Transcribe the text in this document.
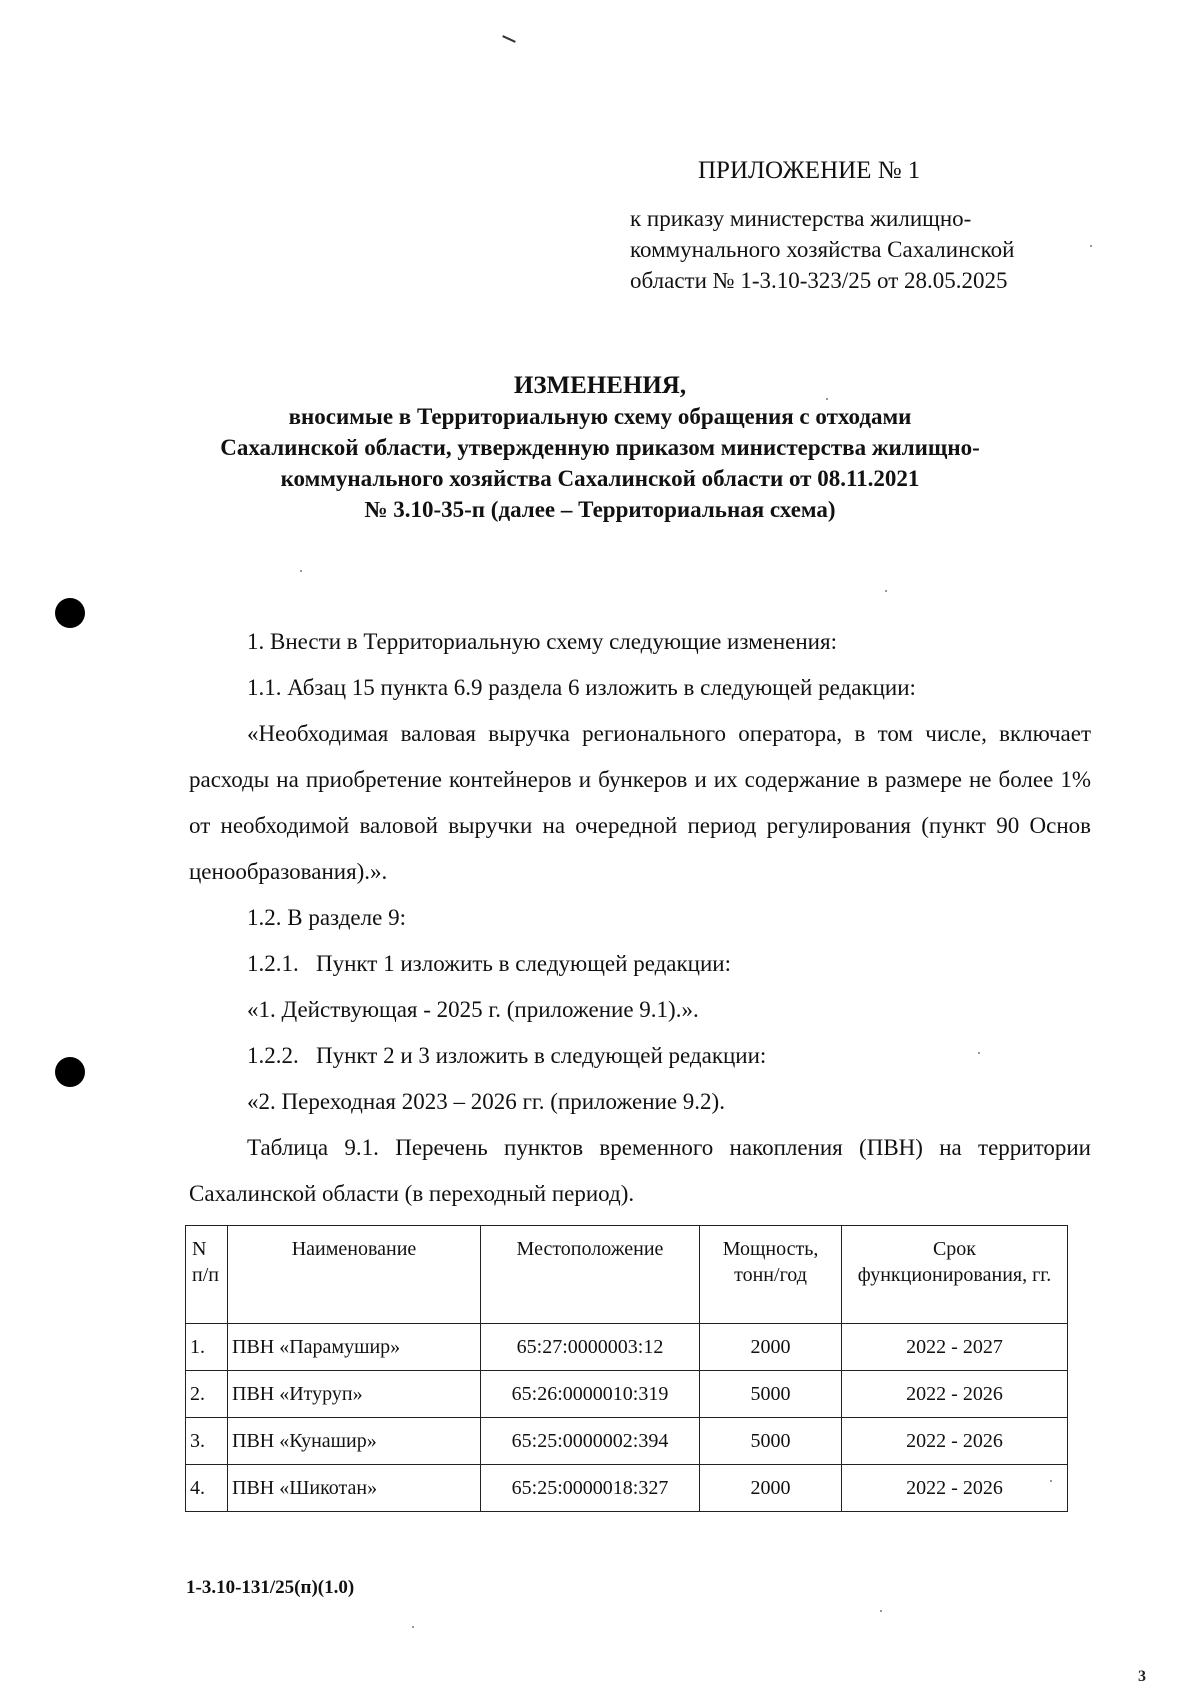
ПРИЛОЖЕНИЕ № 1
к приказу министерства жилищно-
коммунального хозяйства Сахалинской
области № 1-3.10-323/25 от 28.05.2025
ИЗМЕНЕНИЯ,
вносимые в Территориальную схему обращения с отходами
Сахалинской области, утвержденную приказом министерства жилищно-
коммунального хозяйства Сахалинской области от 08.11.2021
№ 3.10-35-п (далее – Территориальная схема)

1. Внести в Территориальную схему следующие изменения:

1.1. Абзац 15 пункта 6.9 раздела 6 изложить в следующей редакции:

«Необходимая валовая выручка регионального оператора, в том числе, включает расходы на приобретение контейнеров и бункеров и их содержание в размере не более 1% от необходимой валовой выручки на очередной период регулирования (пункт 90 Основ ценообразования).».

1.2. В разделе 9:

1.2.1.   Пункт 1 изложить в следующей редакции:

«1. Действующая - 2025 г. (приложение 9.1).».

1.2.2.   Пункт 2 и 3 изложить в следующей редакции:

«2. Переходная 2023 – 2026 гг. (приложение 9.2).

Таблица 9.1. Перечень пунктов временного накопления (ПВН) на территории Сахалинской области (в переходный период).

N п/п	Наименование	Местоположение	Мощность, тонн/год	Срок функционирования, гг.
1.	ПВН «Парамушир»	65:27:0000003:12	2000	2022 - 2027
2.	ПВН «Итуруп»	65:26:0000010:319	5000	2022 - 2026
3.	ПВН «Кунашир»	65:25:0000002:394	5000	2022 - 2026
4.	ПВН «Шикотан»	65:25:0000018:327	2000	2022 - 2026
1-3.10-131/25(п)(1.0)
3
